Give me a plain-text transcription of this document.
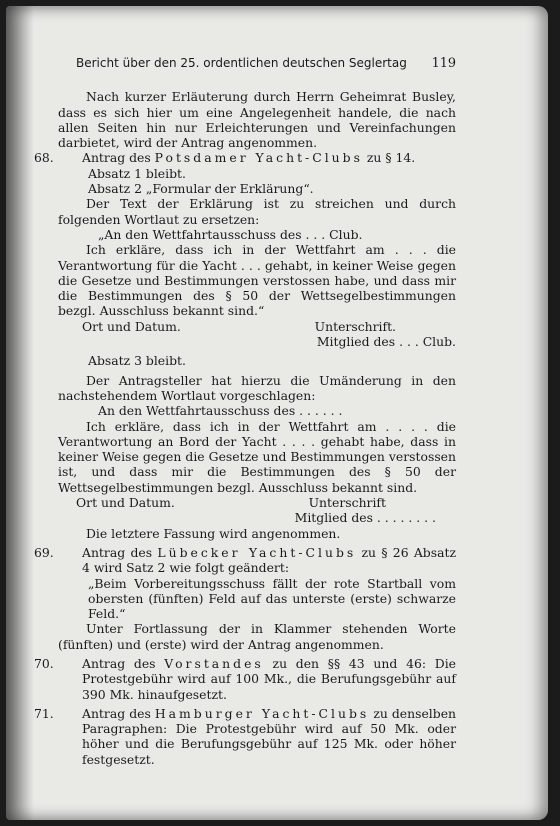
Bericht über den 25. ordentlichen deutschen Seglertag 119

Nach kurzer Erläuterung durch Herrn Geheimrat Busley, dass es sich hier um eine Angelegenheit handele, die nach allen Seiten hin nur Erleichterungen und Vereinfachungen darbietet, wird der Antrag angenommen.

68. Antrag des Potsdamer Yacht-Clubs zu § 14.

Absatz 1 bleibt.

Absatz 2 „Formular der Erklärung“.

Der Text der Erklärung ist zu streichen und durch folgenden Wortlaut zu ersetzen:

„An den Wettfahrtausschuss des . . . Club.

Ich erkläre, dass ich in der Wettfahrt am . . . die Verantwortung für die Yacht . . . gehabt, in keiner Weise gegen die Gesetze und Bestimmungen verstossen habe, und dass mir die Bestimmungen des § 50 der Wettsegelbestimmungen bezgl. Ausschluss bekannt sind.“

Ort und Datum.	Unterschrift.

Mitglied des . . . Club.

Absatz 3 bleibt.

Der Antragsteller hat hierzu die Umänderung in den nachstehendem Wortlaut vorgeschlagen:

An den Wettfahrtausschuss des . . . . . .

Ich erkläre, dass ich in der Wettfahrt am . . . . die Verantwortung an Bord der Yacht . . . . gehabt habe, dass in keiner Weise gegen die Gesetze und Bestimmungen verstossen ist, und dass mir die Bestimmungen des § 50 der Wettsegelbestimmungen bezgl. Ausschluss bekannt sind.

Ort und Datum.	Unterschrift

Mitglied des . . . . . . . .

Die letztere Fassung wird angenommen.

69. Antrag des Lübecker Yacht-Clubs zu § 26 Absatz 4 wird Satz 2 wie folgt geändert:

„Beim Vorbereitungsschuss fällt der rote Startball vom obersten (fünften) Feld auf das unterste (erste) schwarze Feld.“

Unter Fortlassung der in Klammer stehenden Worte (fünften) und (erste) wird der Antrag angenommen.

70. Antrag des Vorstandes zu den §§ 43 und 46: Die Protestgebühr wird auf 100 Mk., die Berufungsgebühr auf 390 Mk. hinaufgesetzt.

71. Antrag des Hamburger Yacht-Clubs zu denselben Paragraphen: Die Protestgebühr wird auf 50 Mk. oder höher und die Berufungsgebühr auf 125 Mk. oder höher festgesetzt.
